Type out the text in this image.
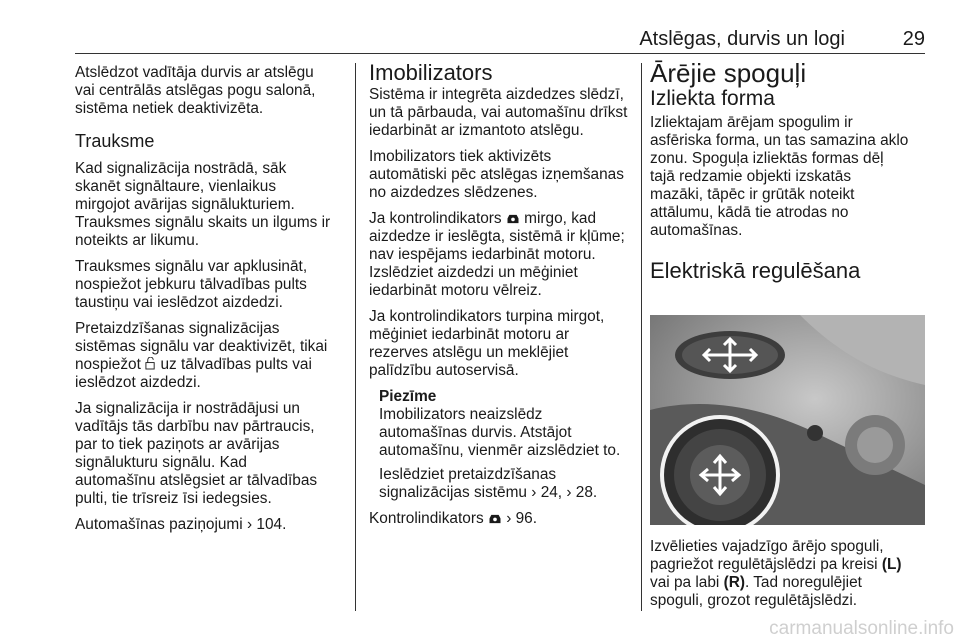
Atslēgas, durvis un logi	29

Atslēdzot vadītāja durvis ar atslēgu
vai centrālās atslēgas pogu salonā,
sistēma netiek deaktivizēta.

Trauksme

Kad signalizācija nostrādā, sāk
skanēt signāltaure, vienlaikus
mirgojot avārijas signālukturiem.
Trauksmes signālu skaits un ilgums ir
noteikts ar likumu.

Trauksmes signālu var apklusināt,
nospiežot jebkuru tālvadības pults
taustiņu vai ieslēdzot aizdedzi.

Pretaizdzīšanas signalizācijas
sistēmas signālu var deaktivizēt, tikai
nospiežot uz tālvadības pults vai
ieslēdzot aizdedzi.

Ja signalizācija ir nostrādājusi un
vadītājs tās darbību nav pārtraucis,
par to tiek paziņots ar avārijas
signālukturu signālu. Kad
automašīnu atslēgsiet ar tālvadības
pulti, tie trīsreiz īsi iedegsies.

Automašīnas paziņojumi › 104.

Imobilizators

Sistēma ir integrēta aizdedzes slēdzī,
un tā pārbauda, vai automašīnu drīkst
iedarbināt ar izmantoto atslēgu.

Imobilizators tiek aktivizēts
automātiski pēc atslēgas izņemšanas
no aizdedzes slēdzenes.

Ja kontrolindikators mirgo, kad
aizdedze ir ieslēgta, sistēmā ir kļūme;
nav iespējams iedarbināt motoru.
Izslēdziet aizdedzi un mēģiniet
iedarbināt motoru vēlreiz.

Ja kontrolindikators turpina mirgot,
mēģiniet iedarbināt motoru ar
rezerves atslēgu un meklējiet
palīdzību autoservisā.

Piezīme
Imobilizators neaizslēdz
automašīnas durvis. Atstājot
automašīnu, vienmēr aizslēdziet to.

Ieslēdziet pretaizdzīšanas
signalizācijas sistēmu › 24, › 28.

Kontrolindikators › 96.

Ārējie spoguļi
Izliekta forma

Izliektajam ārējam spogulim ir
asfēriska forma, un tas samazina aklo
zonu. Spoguļa izliektās formas dēļ
tajā redzamie objekti izskatās
mazāki, tāpēc ir grūtāk noteikt
attālumu, kādā tie atrodas no
automašīnas.

Elektriskā regulēšana

Izvēlieties vajadzīgo ārējo spoguli,

pagriežot regulētājslēdzi pa kreisi (L)

vai pa labi (R). Tad noregulējiet

spoguli, grozot regulētājslēdzi.

carmanualsonline.info
